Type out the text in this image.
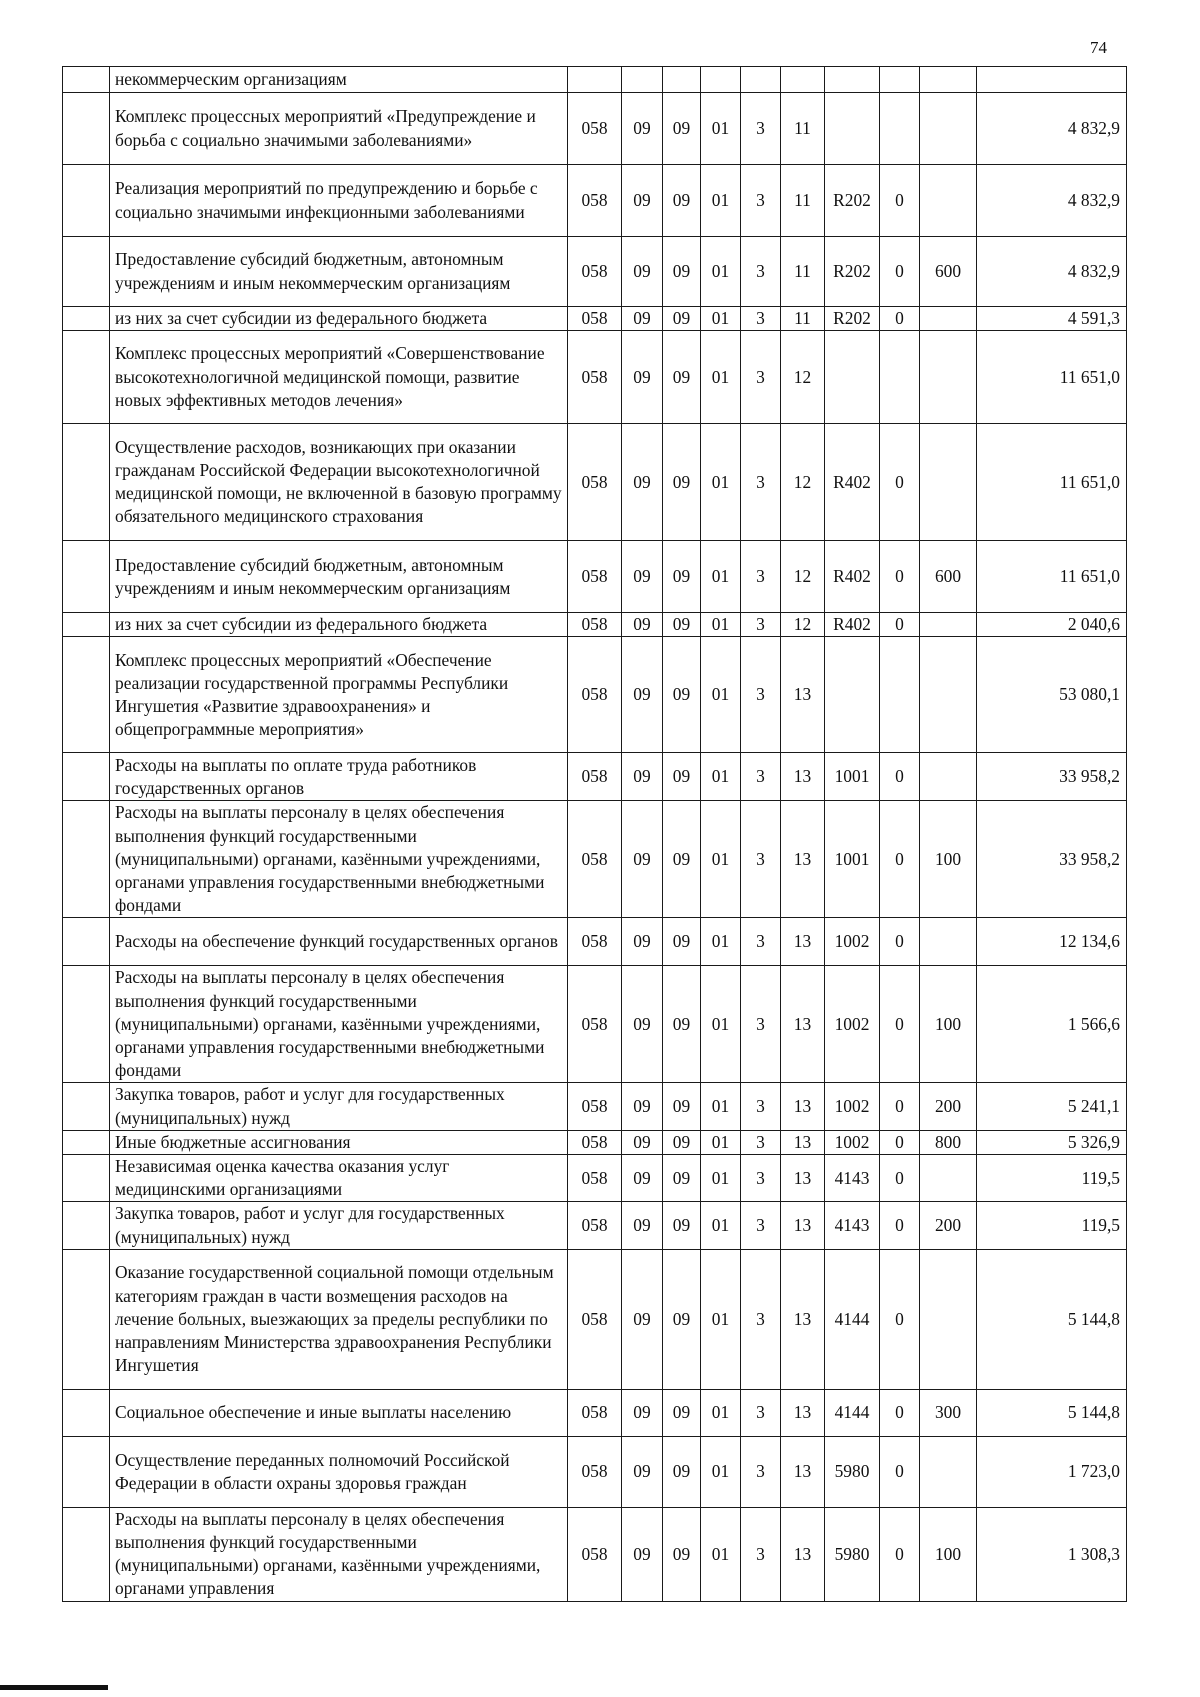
74
	некоммерческим организациям										
	Комплекс процессных мероприятий «Предупреждение и борьба с социально значимыми заболеваниями»	058	09	09	01	3	11				4 832,9
	Реализация мероприятий по предупреждению и борьбе с социально значимыми инфекционными заболеваниями	058	09	09	01	3	11	R202	0		4 832,9
	Предоставление субсидий бюджетным, автономным учреждениям и иным некоммерческим организациям	058	09	09	01	3	11	R202	0	600	4 832,9
	из них за счет субсидии из федерального бюджета	058	09	09	01	3	11	R202	0		4 591,3
	Комплекс процессных мероприятий «Совершенствование высокотехнологичной медицинской помощи, развитие новых эффективных методов лечения»	058	09	09	01	3	12				11 651,0
	Осуществление расходов, возникающих при оказании гражданам Российской Федерации высокотехнологичной медицинской помощи, не включенной в базовую программу обязательного медицинского страхования	058	09	09	01	3	12	R402	0		11 651,0
	Предоставление субсидий бюджетным, автономным учреждениям и иным некоммерческим организациям	058	09	09	01	3	12	R402	0	600	11 651,0
	из них за счет субсидии из федерального бюджета	058	09	09	01	3	12	R402	0		2 040,6
	Комплекс процессных мероприятий «Обеспечение реализации государственной программы Республики Ингушетия «Развитие здравоохранения» и общепрограммные мероприятия»	058	09	09	01	3	13				53 080,1
	Расходы на выплаты по оплате труда работников государственных органов	058	09	09	01	3	13	1001	0		33 958,2
	Расходы на выплаты персоналу в целях обеспечения выполнения функций государственными (муниципальными) органами, казёнными учреждениями, органами управления государственными внебюджетными фондами	058	09	09	01	3	13	1001	0	100	33 958,2
	Расходы на обеспечение функций государственных органов	058	09	09	01	3	13	1002	0		12 134,6
	Расходы на выплаты персоналу в целях обеспечения выполнения функций государственными (муниципальными) органами, казёнными учреждениями, органами управления государственными внебюджетными фондами	058	09	09	01	3	13	1002	0	100	1 566,6
	Закупка товаров, работ и услуг для государственных (муниципальных) нужд	058	09	09	01	3	13	1002	0	200	5 241,1
	Иные бюджетные ассигнования	058	09	09	01	3	13	1002	0	800	5 326,9
	Независимая оценка качества оказания услуг медицинскими организациями	058	09	09	01	3	13	4143	0		119,5
	Закупка товаров, работ и услуг для государственных (муниципальных) нужд	058	09	09	01	3	13	4143	0	200	119,5
	Оказание государственной социальной помощи отдельным категориям граждан в части возмещения расходов на лечение больных, выезжающих за пределы республики по направлениям Министерства здравоохранения Республики Ингушетия	058	09	09	01	3	13	4144	0		5 144,8
	Социальное обеспечение и иные выплаты населению	058	09	09	01	3	13	4144	0	300	5 144,8
	Осуществление переданных полномочий Российской Федерации в области охраны здоровья граждан	058	09	09	01	3	13	5980	0		1 723,0
	Расходы на выплаты персоналу в целях обеспечения выполнения функций государственными (муниципальными) органами, казёнными учреждениями, органами управления	058	09	09	01	3	13	5980	0	100	1 308,3
